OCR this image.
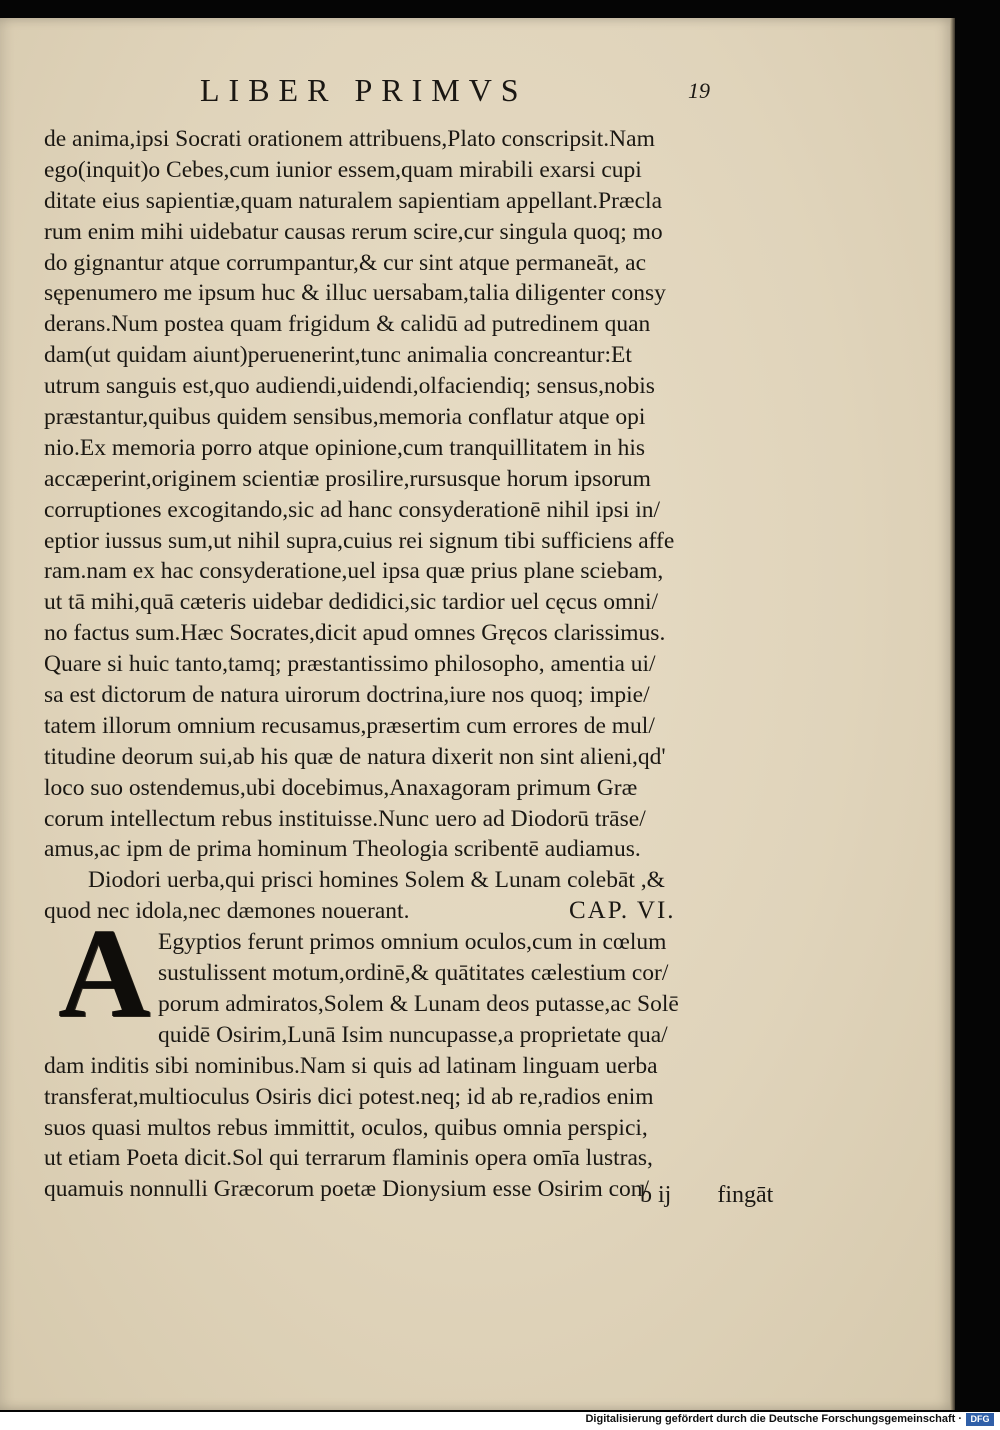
LIBER PRIMVS	19
de anima,ipsi Socrati orationem attribuens,Plato conscripsit.Nam
ego(inquit)o Cebes,cum iunior essem,quam mirabili exarsi cupi
ditate eius sapientiæ,quam naturalem sapientiam appellant.Præcla
rum enim mihi uidebatur causas rerum scire,cur singula quoq; mo
do gignantur atque corrumpantur,& cur sint atque permaneāt, ac
sępenumero me ipsum huc & illuc uersabam,talia diligenter consy
derans.Num postea quam frigidum & calidū ad putredinem quan
dam(ut quidam aiunt)peruenerint,tunc animalia concreantur:Et
utrum sanguis est,quo audiendi,uidendi,olfaciendiq; sensus,nobis
præstantur,quibus quidem sensibus,memoria conflatur atque opi
nio.Ex memoria porro atque opinione,cum tranquillitatem in his
accæperint,originem scientiæ prosilire,rursusque horum ipsorum
corruptiones excogitando,sic ad hanc consyderationē nihil ipsi in/
eptior iussus sum,ut nihil supra,cuius rei signum tibi sufficiens affe
ram.nam ex hac consyderatione,uel ipsa quæ prius plane sciebam,
ut tā mihi,quā cæteris uidebar dedidici,sic tardior uel cęcus omni/
no factus sum.Hæc Socrates,dicit apud omnes Gręcos clarissimus.
Quare si huic tanto,tamq; præstantissimo philosopho, amentia ui/
sa est dictorum de natura uirorum doctrina,iure nos quoq; impie/
tatem illorum omnium recusamus,præsertim cum errores de mul/
titudine deorum sui,ab his quæ de natura dixerit non sint alieni,qd'
loco suo ostendemus,ubi docebimus,Anaxagoram primum Græ
corum intellectum rebus instituisse.Nunc uero ad Diodorū trāse/
amus,ac ipm de prima hominum Theologia scribentē audiamus.
Diodori uerba,qui prisci homines Solem & Lunam colebāt ,&
quod nec idola,nec dæmones nouerant.	CAP. VI.
Egyptios ferunt primos omnium oculos,cum in cœlum
sustulissent motum,ordinē,& quātitates cælestium cor/
porum admiratos,Solem & Lunam deos putasse,ac Solē
quidē Osirim,Lunā Isim nuncupasse,a proprietate qua/
dam inditis sibi nominibus.Nam si quis ad latinam linguam uerba
transferat,multioculus Osiris dici potest.neq; id ab re,radios enim
suos quasi multos rebus immittit, oculos, quibus omnia perspici,
ut etiam Poeta dicit.Sol qui terrarum flaminis opera omīa lustras,
quamuis nonnulli Græcorum poetæ Dionysium esse Osirim con/
A
b ij fingāt
Digitalisierung gefördert durch die Deutsche Forschungsgemeinschaft · DFG
